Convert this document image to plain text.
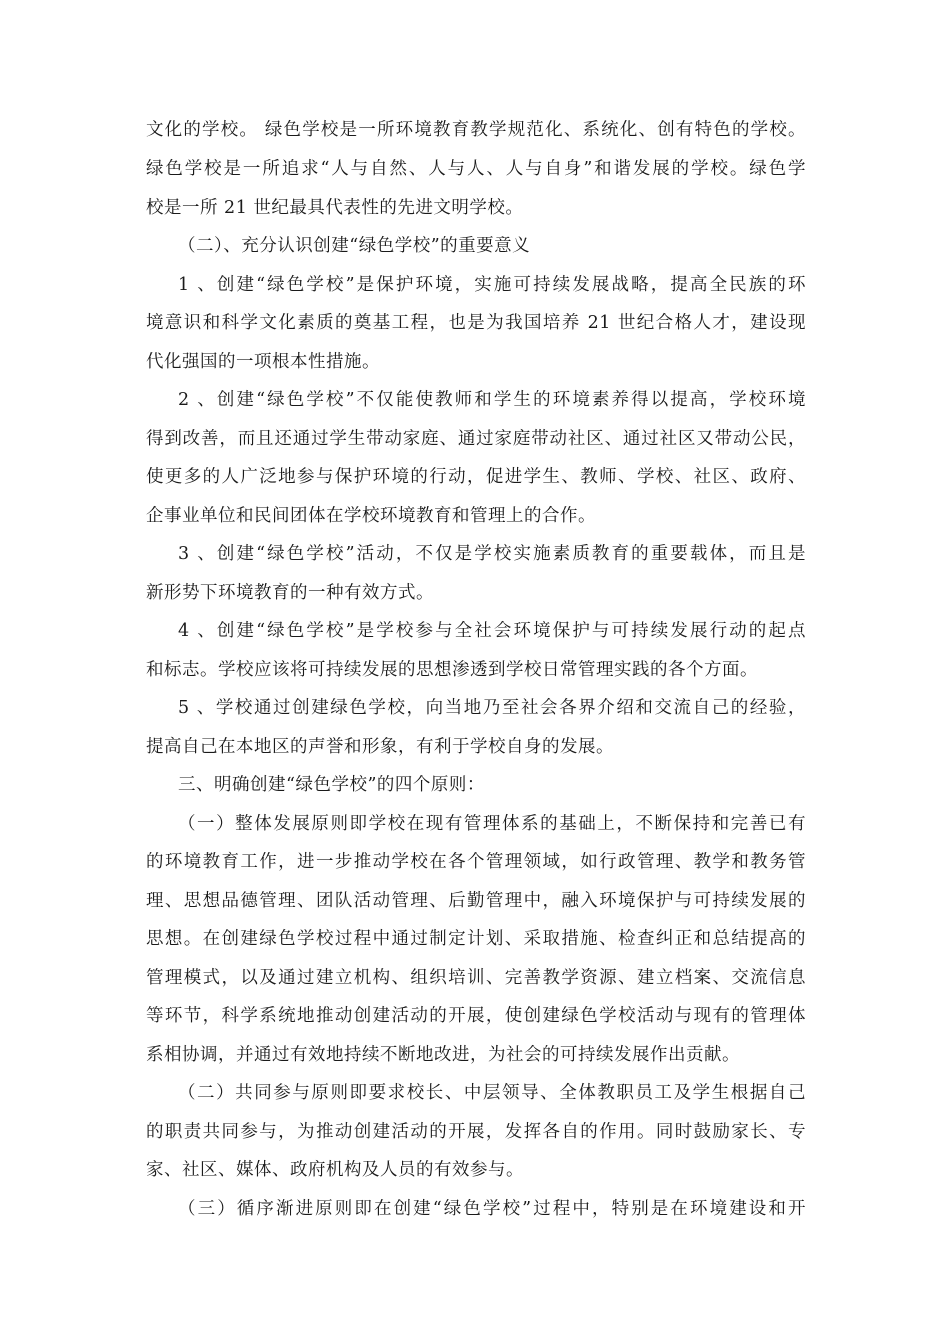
文化的学校。 绿色学校是一所环境教育教学规范化、系统化、创有特色的学校。
绿色学校是一所追求“人与自然、人与人、人与自身”和谐发展的学校。绿色学
校是一所 21 世纪最具代表性的先进文明学校。
（二）、充分认识创建“绿色学校”的重要意义
1 、创建“绿色学校”是保护环境，实施可持续发展战略，提高全民族的环
境意识和科学文化素质的奠基工程，也是为我国培养 21 世纪合格人才，建设现
代化强国的一项根本性措施。
2 、创建“绿色学校”不仅能使教师和学生的环境素养得以提高，学校环境
得到改善，而且还通过学生带动家庭、通过家庭带动社区、通过社区又带动公民，
使更多的人广泛地参与保护环境的行动，促进学生、教师、学校、社区、政府、
企事业单位和民间团体在学校环境教育和管理上的合作。
3 、创建“绿色学校”活动，不仅是学校实施素质教育的重要载体，而且是
新形势下环境教育的一种有效方式。
4 、创建“绿色学校”是学校参与全社会环境保护与可持续发展行动的起点
和标志。学校应该将可持续发展的思想渗透到学校日常管理实践的各个方面。
5 、学校通过创建绿色学校，向当地乃至社会各界介绍和交流自己的经验，
提高自己在本地区的声誉和形象，有利于学校自身的发展。
三、明确创建“绿色学校”的四个原则：
（一）整体发展原则即学校在现有管理体系的基础上，不断保持和完善已有
的环境教育工作，进一步推动学校在各个管理领域，如行政管理、教学和教务管
理、思想品德管理、团队活动管理、后勤管理中，融入环境保护与可持续发展的
思想。在创建绿色学校过程中通过制定计划、采取措施、检查纠正和总结提高的
管理模式，以及通过建立机构、组织培训、完善教学资源、建立档案、交流信息
等环节，科学系统地推动创建活动的开展，使创建绿色学校活动与现有的管理体
系相协调，并通过有效地持续不断地改进，为社会的可持续发展作出贡献。
（二）共同参与原则即要求校长、中层领导、全体教职员工及学生根据自己
的职责共同参与，为推动创建活动的开展，发挥各自的作用。同时鼓励家长、专
家、社区、媒体、政府机构及人员的有效参与。
（三）循序渐进原则即在创建“绿色学校”过程中，特别是在环境建设和开
